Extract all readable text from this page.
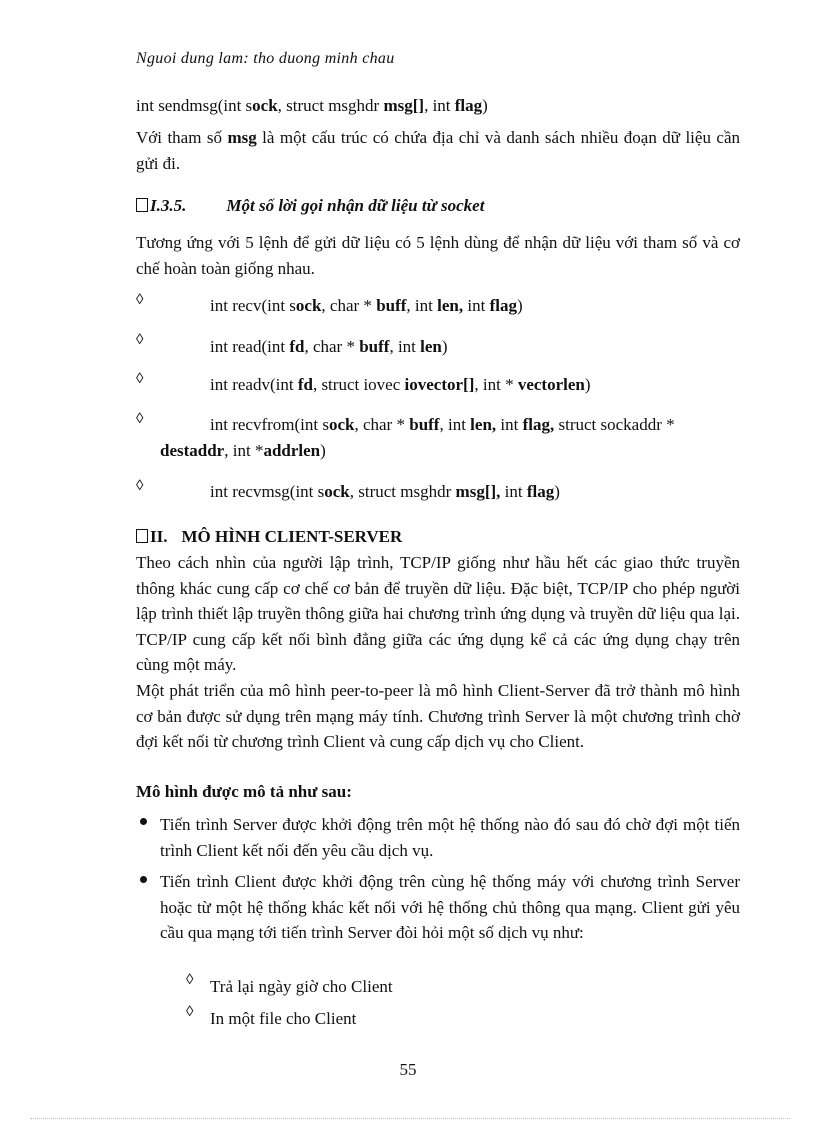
Nguoi dung lam: tho duong minh chau
int sendmsg(int sock, struct msghdr msg[], int flag)
Với tham số msg là một cấu trúc có chứa địa chỉ và danh sách nhiều đoạn dữ liệu cần gửi đi.
I.3.5. Một số lời gọi nhận dữ liệu từ socket
Tương ứng với 5 lệnh để gửi dữ liệu có 5 lệnh dùng để nhận dữ liệu với tham số và cơ chế hoàn toàn giống nhau.
◊	int recv(int sock, char * buff, int len, int flag)
◊	int read(int fd, char * buff, int len)
◊	int readv(int fd, struct iovec iovector[], int * vectorlen)
◊	int recvfrom(int sock, char * buff, int len, int flag, struct sockaddr *
destaddr, int *addrlen)
◊	int recvmsg(int sock, struct msghdr msg[], int flag)
II. MÔ HÌNH CLIENT-SERVER
Theo cách nhìn của người lập trình, TCP/IP giống như hầu hết các giao thức truyền thông khác cung cấp cơ chế cơ bản để truyền dữ liệu. Đặc biệt, TCP/IP cho phép người lập trình thiết lập truyền thông giữa hai chương trình ứng dụng và truyền dữ liệu qua lại. TCP/IP cung cấp kết nối bình đẳng giữa các ứng dụng kể cả các ứng dụng chạy trên cùng một máy.
Một phát triển của mô hình peer-to-peer là mô hình Client-Server đã trở thành mô hình cơ bản được sử dụng trên mạng máy tính. Chương trình Server là một chương trình chờ đợi kết nối từ chương trình Client và cung cấp dịch vụ cho Client.
Mô hình được mô tả như sau:
Tiến trình Server được khởi động trên một hệ thống nào đó sau đó chờ đợi một tiến trình Client kết nối đến yêu cầu dịch vụ.
Tiến trình Client được khởi động trên cùng hệ thống máy với chương trình Server hoặc từ một hệ thống khác kết nối với hệ thống chủ thông qua mạng. Client gửi yêu cầu qua mạng tới tiến trình Server đòi hỏi một số dịch vụ như:
◊ Trả lại ngày giờ cho Client
◊ In một file cho Client
55
